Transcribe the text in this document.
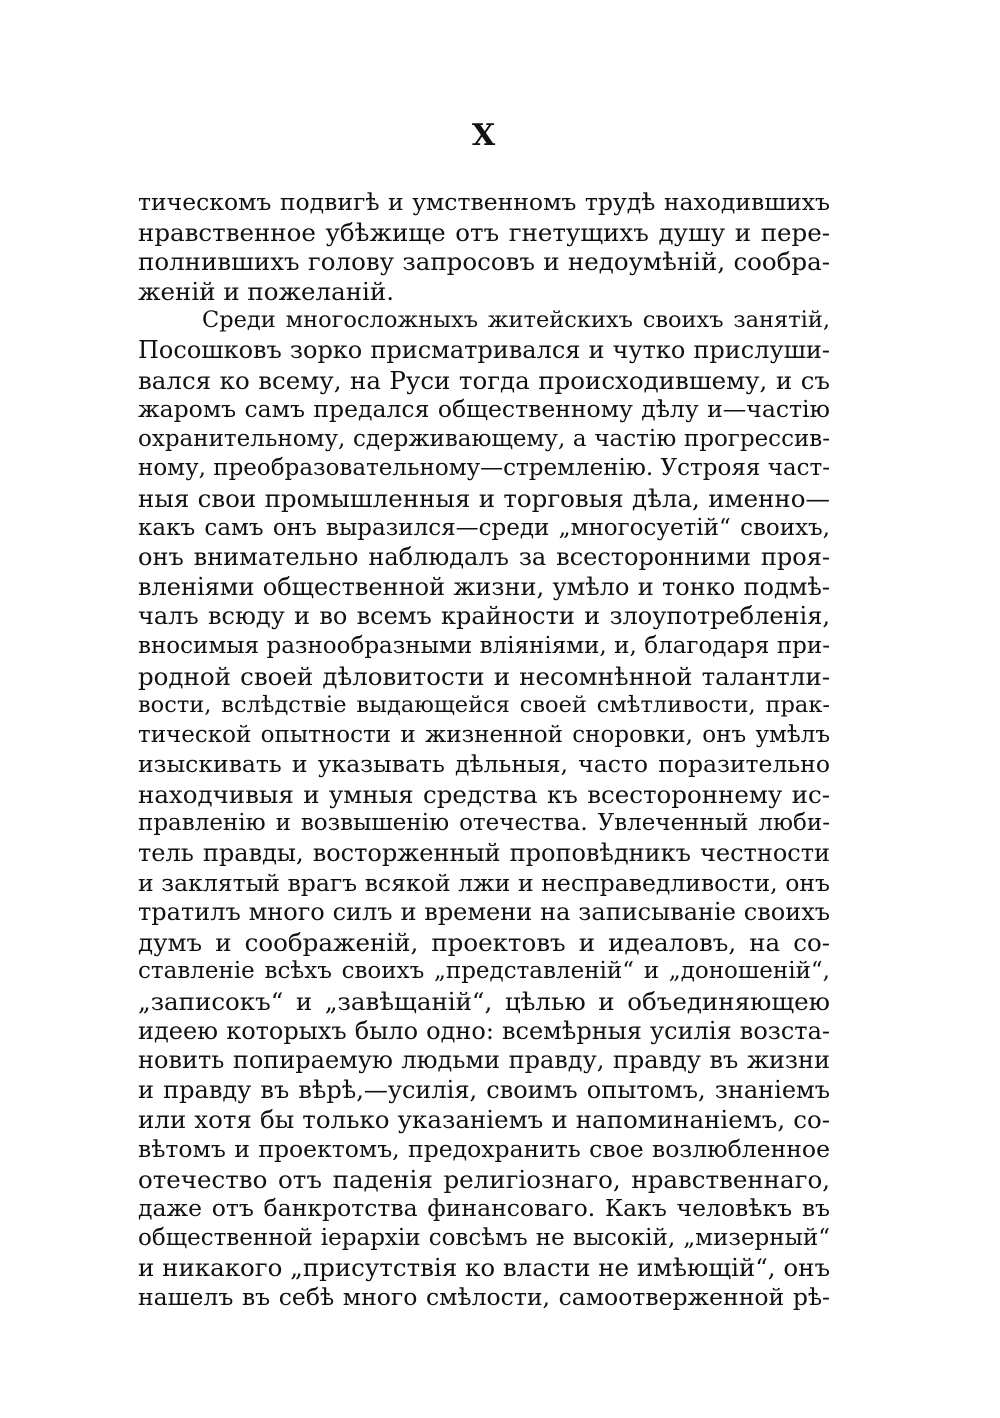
X
тическомъ подвигѣ и умственномъ трудѣ находившихъ
нравственное убѣжище отъ гнетущихъ душу и пере-
полнившихъ голову запросовъ и недоумѣній, сообра-
женій и пожеланій.
Среди многосложныхъ житейскихъ своихъ занятій,
Посошковъ зорко присматривался и чутко прислуши-
вался ко всему, на Руси тогда происходившему, и съ
жаромъ самъ предался общественному дѣлу и—частію
охранительному, сдерживающему, а частію прогрессив-
ному, преобразовательному—стремленію. Устрояя част-
ныя свои промышленныя и торговыя дѣла, именно—
какъ самъ онъ выразился—среди „многосуетій“ своихъ,
онъ внимательно наблюдалъ за всесторонними проя-
вленіями общественной жизни, умѣло и тонко подмѣ-
чалъ всюду и во всемъ крайности и злоупотребленія,
вносимыя разнообразными вліяніями, и, благодаря при-
родной своей дѣловитости и несомнѣнной талантли-
вости, вслѣдствіе выдающейся своей смѣтливости, прак-
тической опытности и жизненной сноровки, онъ умѣлъ
изыскивать и указывать дѣльныя, часто поразительно
находчивыя и умныя средства къ всестороннему ис-
правленію и возвышенію отечества. Увлеченный люби-
тель правды, восторженный проповѣдникъ честности
и заклятый врагъ всякой лжи и несправедливости, онъ
тратилъ много силъ и времени на записываніе своихъ
думъ и соображеній, проектовъ и идеаловъ, на со-
ставленіе всѣхъ своихъ „представленій“ и „доношеній“,
„записокъ“ и „завѣщаній“, цѣлью и объединяющею
идеею которыхъ было одно: всемѣрныя усилія возста-
новить попираемую людьми правду, правду въ жизни
и правду въ вѣрѣ,—усилія, своимъ опытомъ, знаніемъ
или хотя бы только указаніемъ и напоминаніемъ, со-
вѣтомъ и проектомъ, предохранить свое возлюбленное
отечество отъ паденія религіознаго, нравственнаго,
даже отъ банкротства финансоваго. Какъ человѣкъ въ
общественной іерархіи совсѣмъ не высокій, „мизерный“
и никакого „присутствія ко власти не имѣющій“, онъ
нашелъ въ себѣ много смѣлости, самоотверженной рѣ-
